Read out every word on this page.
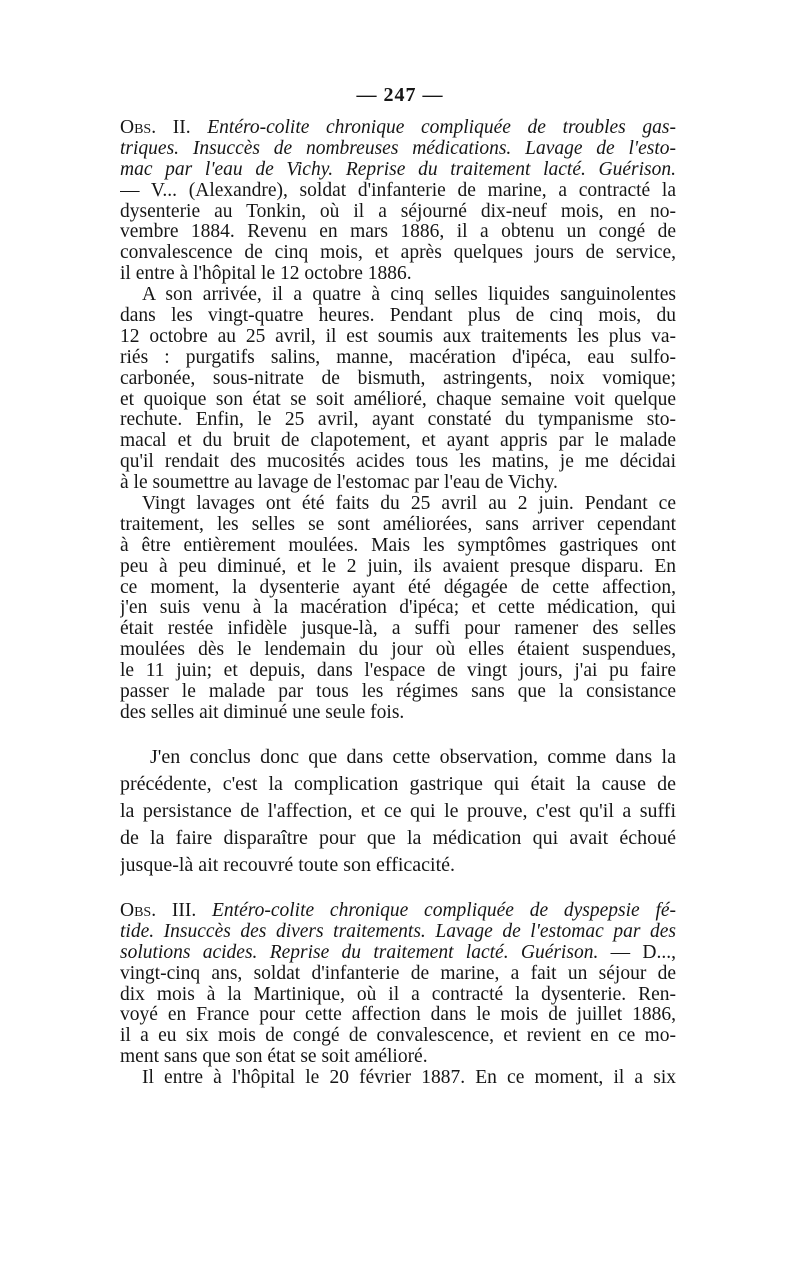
— 247 —
Obs. II. Entéro-colite chronique compliquée de troubles gas-
triques. Insuccès de nombreuses médications. Lavage de l'esto-
mac par l'eau de Vichy. Reprise du traitement lacté. Guérison.
— V... (Alexandre), soldat d'infanterie de marine, a contracté la
dysenterie au Tonkin, où il a séjourné dix-neuf mois, en no-
vembre 1884. Revenu en mars 1886, il a obtenu un congé de
convalescence de cinq mois, et après quelques jours de service,
il entre à l'hôpital le 12 octobre 1886.
A son arrivée, il a quatre à cinq selles liquides sanguinolentes
dans les vingt-quatre heures. Pendant plus de cinq mois, du
12 octobre au 25 avril, il est soumis aux traitements les plus va-
riés : purgatifs salins, manne, macération d'ipéca, eau sulfo-
carbonée, sous-nitrate de bismuth, astringents, noix vomique;
et quoique son état se soit amélioré, chaque semaine voit quelque
rechute. Enfin, le 25 avril, ayant constaté du tympanisme sto-
macal et du bruit de clapotement, et ayant appris par le malade
qu'il rendait des mucosités acides tous les matins, je me décidai
à le soumettre au lavage de l'estomac par l'eau de Vichy.
Vingt lavages ont été faits du 25 avril au 2 juin. Pendant ce
traitement, les selles se sont améliorées, sans arriver cependant
à être entièrement moulées. Mais les symptômes gastriques ont
peu à peu diminué, et le 2 juin, ils avaient presque disparu. En
ce moment, la dysenterie ayant été dégagée de cette affection,
j'en suis venu à la macération d'ipéca; et cette médication, qui
était restée infidèle jusque-là, a suffi pour ramener des selles
moulées dès le lendemain du jour où elles étaient suspendues,
le 11 juin; et depuis, dans l'espace de vingt jours, j'ai pu faire
passer le malade par tous les régimes sans que la consistance
des selles ait diminué une seule fois.
J'en conclus donc que dans cette observation, comme dans la
précédente, c'est la complication gastrique qui était la cause de
la persistance de l'affection, et ce qui le prouve, c'est qu'il a suffi
de la faire disparaître pour que la médication qui avait échoué
jusque-là ait recouvré toute son efficacité.
Obs. III. Entéro-colite chronique compliquée de dyspepsie fé-
tide. Insuccès des divers traitements. Lavage de l'estomac par des
solutions acides. Reprise du traitement lacté. Guérison. — D...,
vingt-cinq ans, soldat d'infanterie de marine, a fait un séjour de
dix mois à la Martinique, où il a contracté la dysenterie. Ren-
voyé en France pour cette affection dans le mois de juillet 1886,
il a eu six mois de congé de convalescence, et revient en ce mo-
ment sans que son état se soit amélioré.
Il entre à l'hôpital le 20 février 1887. En ce moment, il a six
